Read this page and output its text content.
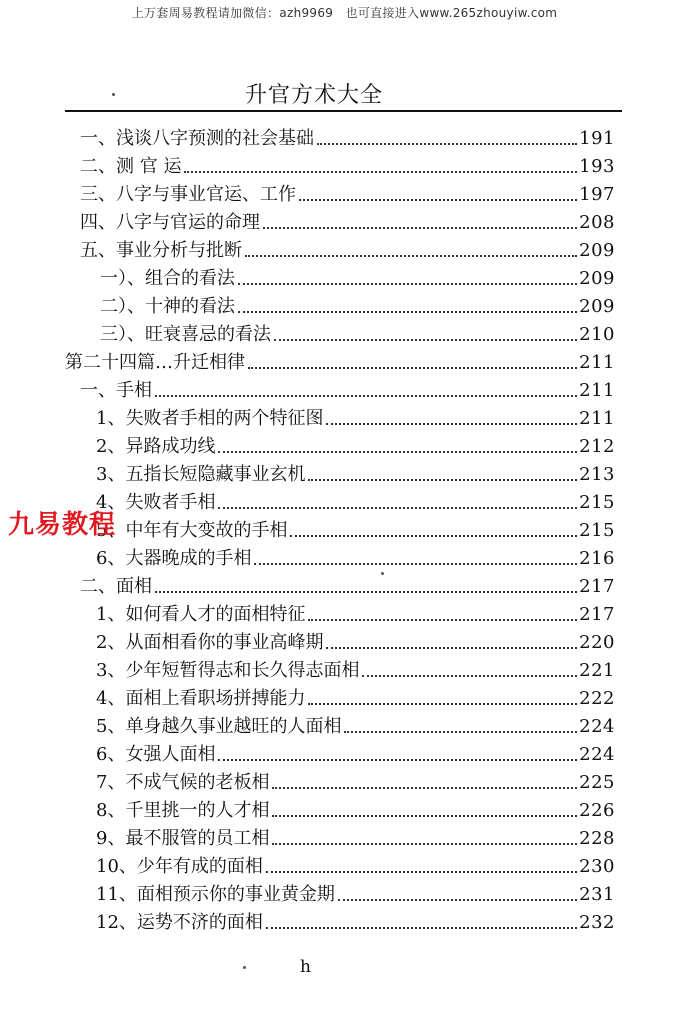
上万套周易教程请加微信：azh9969　也可直接进入www.265zhouyiw.com
升官方术大全
一、浅谈八字预测的社会基础	191
二、测 官 运	193
三、八字与事业官运、工作	197
四、八字与官运的命理	208
五、事业分析与批断	209
一）、组合的看法	209
二）、十神的看法	209
三）、旺衰喜忌的看法	210
第二十四篇…升迁相律	211
一、手相	211
1、失败者手相的两个特征图	211
2、异路成功线	212
3、五指长短隐藏事业玄机	213
4、失败者手相	215
5、中年有大变故的手相	215
6、大器晚成的手相	216
二、面相	217
1、如何看人才的面相特征	217
2、从面相看你的事业高峰期	220
3、少年短暂得志和长久得志面相	221
4、面相上看职场拼搏能力	222
5、单身越久事业越旺的人面相	224
6、女强人面相	224
7、不成气候的老板相	225
8、千里挑一的人才相	226
9、最不服管的员工相	228
10、少年有成的面相	230
11、面相预示你的事业黄金期	231
12、运势不济的面相	232
九易教程
h
